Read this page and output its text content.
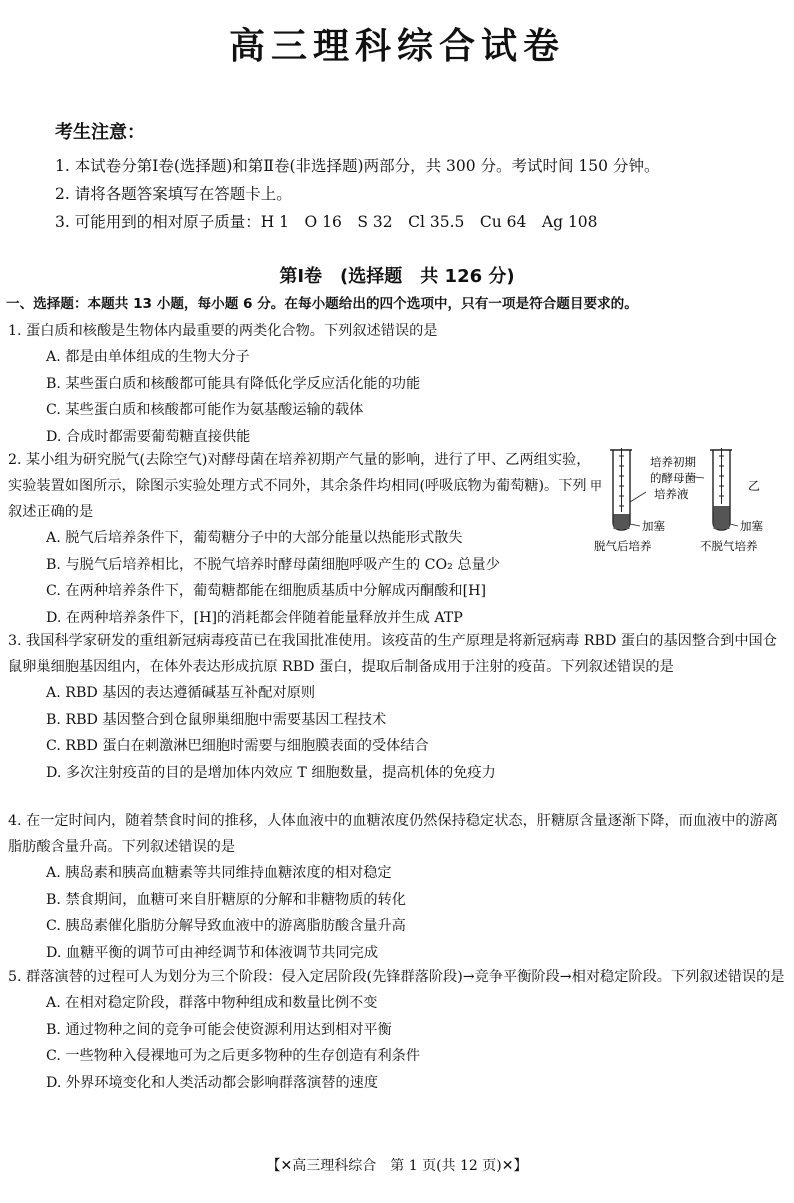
高三理科综合试卷
考生注意：
1. 本试卷分第Ⅰ卷(选择题)和第Ⅱ卷(非选择题)两部分，共 300 分。考试时间 150 分钟。
2. 请将各题答案填写在答题卡上。
3. 可能用到的相对原子质量：H 1　O 16　S 32　Cl 35.5　Cu 64　Ag 108
第Ⅰ卷　(选择题　共 126 分)
一、选择题：本题共 13 小题，每小题 6 分。在每小题给出的四个选项中，只有一项是符合题目要求的。
1. 蛋白质和核酸是生物体内最重要的两类化合物。下列叙述错误的是
A. 都是由单体组成的生物大分子
B. 某些蛋白质和核酸都可能具有降低化学反应活化能的功能
C. 某些蛋白质和核酸都可能作为氨基酸运输的载体
D. 合成时都需要葡萄糖直接供能
2. 某小组为研究脱气(去除空气)对酵母菌在培养初期产气量的影响，进行了甲、乙两组实验，实验装置如图所示，除图示实验处理方式不同外，其余条件均相同(呼吸底物为葡萄糖)。下列叙述正确的是
A. 脱气后培养条件下，葡萄糖分子中的大部分能量以热能形式散失
B. 与脱气后培养相比，不脱气培养时酵母菌细胞呼吸产生的 CO₂ 总量少
C. 在两种培养条件下，葡萄糖都能在细胞质基质中分解成丙酮酸和[H]
D. 在两种培养条件下，[H]的消耗都会伴随着能量释放并生成 ATP
甲	乙
培养初期
的酵母菌
培养液
加塞	加塞
脱气后培养	不脱气培养
3. 我国科学家研发的重组新冠病毒疫苗已在我国批准使用。该疫苗的生产原理是将新冠病毒 RBD 蛋白的基因整合到中国仓鼠卵巢细胞基因组内，在体外表达形成抗原 RBD 蛋白，提取后制备成用于注射的疫苗。下列叙述错误的是
A. RBD 基因的表达遵循碱基互补配对原则
B. RBD 基因整合到仓鼠卵巢细胞中需要基因工程技术
C. RBD 蛋白在刺激淋巴细胞时需要与细胞膜表面的受体结合
D. 多次注射疫苗的目的是增加体内效应 T 细胞数量，提高机体的免疫力
4. 在一定时间内，随着禁食时间的推移，人体血液中的血糖浓度仍然保持稳定状态，肝糖原含量逐渐下降，而血液中的游离脂肪酸含量升高。下列叙述错误的是
A. 胰岛素和胰高血糖素等共同维持血糖浓度的相对稳定
B. 禁食期间，血糖可来自肝糖原的分解和非糖物质的转化
C. 胰岛素催化脂肪分解导致血液中的游离脂肪酸含量升高
D. 血糖平衡的调节可由神经调节和体液调节共同完成
5. 群落演替的过程可人为划分为三个阶段：侵入定居阶段(先锋群落阶段)→竞争平衡阶段→相对稳定阶段。下列叙述错误的是
A. 在相对稳定阶段，群落中物种组成和数量比例不变
B. 通过物种之间的竞争可能会使资源利用达到相对平衡
C. 一些物种入侵裸地可为之后更多物种的生存创造有利条件
D. 外界环境变化和人类活动都会影响群落演替的速度
【✕高三理科综合　第 1 页(共 12 页)✕】
